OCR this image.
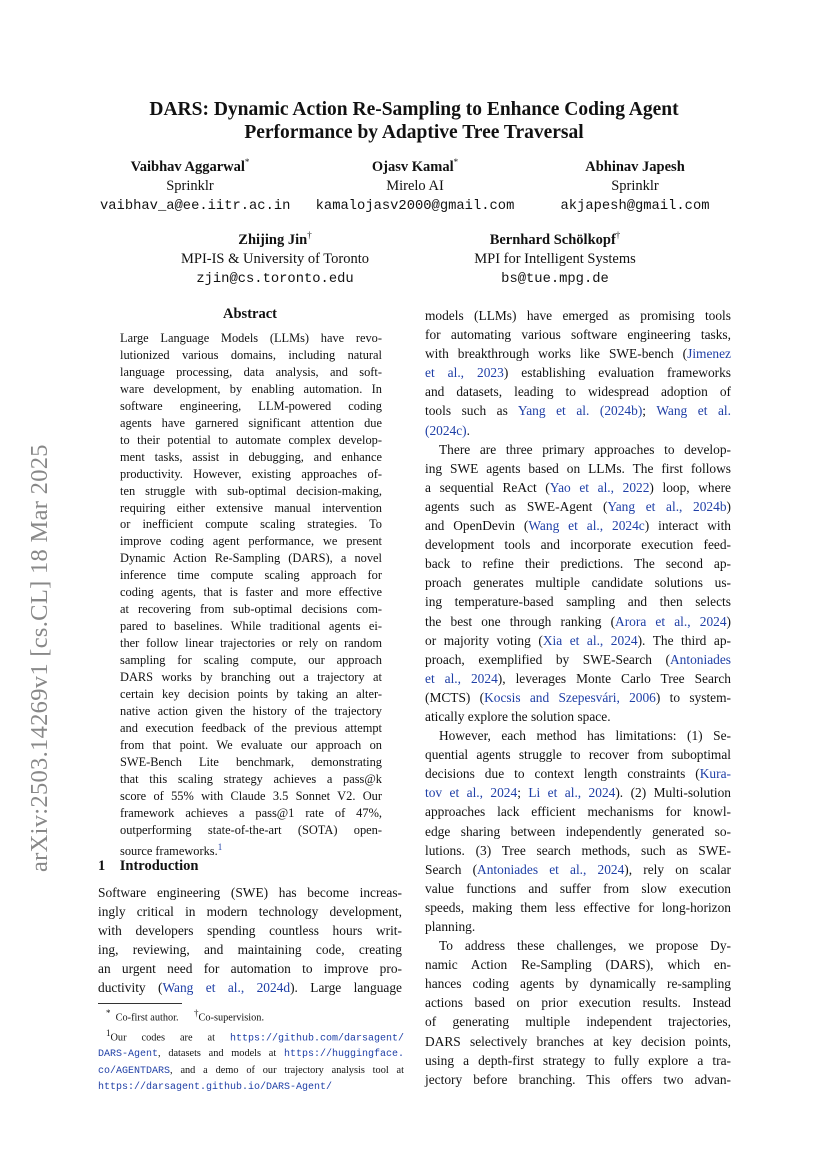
arXiv:2503.14269v1 [cs.CL] 18 Mar 2025
DARS: Dynamic Action Re-Sampling to Enhance Coding Agent
Performance by Adaptive Tree Traversal
Vaibhav Aggarwal*
Sprinklr
vaibhav_a@ee.iitr.ac.in
Ojasv Kamal*
Mirelo AI
kamalojasv2000@gmail.com
Abhinav Japesh
Sprinklr
akjapesh@gmail.com
Zhijing Jin†
MPI-IS & University of Toronto
zjin@cs.toronto.edu
Bernhard Schölkopf†
MPI for Intelligent Systems
bs@tue.mpg.de
Abstract
Large Language Models (LLMs) have revo-
lutionized various domains, including natural
language processing, data analysis, and soft-
ware development, by enabling automation. In
software engineering, LLM-powered coding
agents have garnered significant attention due
to their potential to automate complex develop-
ment tasks, assist in debugging, and enhance
productivity. However, existing approaches of-
ten struggle with sub-optimal decision-making,
requiring either extensive manual intervention
or inefficient compute scaling strategies. To
improve coding agent performance, we present
Dynamic Action Re-Sampling (DARS), a novel
inference time compute scaling approach for
coding agents, that is faster and more effective
at recovering from sub-optimal decisions com-
pared to baselines. While traditional agents ei-
ther follow linear trajectories or rely on random
sampling for scaling compute, our approach
DARS works by branching out a trajectory at
certain key decision points by taking an alter-
native action given the history of the trajectory
and execution feedback of the previous attempt
from that point. We evaluate our approach on
SWE-Bench Lite benchmark, demonstrating
that this scaling strategy achieves a pass@k
score of 55% with Claude 3.5 Sonnet V2. Our
framework achieves a pass@1 rate of 47%,
outperforming state-of-the-art (SOTA) open-
source frameworks.$^1$
1 Introduction
Software engineering (SWE) has become increas-
ingly critical in modern technology development,
with developers spending countless hours writ-
ing, reviewing, and maintaining code, creating
an urgent need for automation to improve pro-
ductivity (Wang et al., 2024d). Large language
* Co-first author. †Co-supervision.
$^1$Our codes are at https://github.com/darsagent/
DARS-Agent, datasets and models at https://huggingface.
co/AGENTDARS, and a demo of our trajectory analysis tool at
https://darsagent.github.io/DARS-Agent/
models (LLMs) have emerged as promising tools
for automating various software engineering tasks,
with breakthrough works like SWE-bench (Jimenez
et al., 2023) establishing evaluation frameworks
and datasets, leading to widespread adoption of
tools such as Yang et al. (2024b); Wang et al.
(2024c).
There are three primary approaches to develop-
ing SWE agents based on LLMs. The first follows
a sequential ReAct (Yao et al., 2022) loop, where
agents such as SWE-Agent (Yang et al., 2024b)
and OpenDevin (Wang et al., 2024c) interact with
development tools and incorporate execution feed-
back to refine their predictions. The second ap-
proach generates multiple candidate solutions us-
ing temperature-based sampling and then selects
the best one through ranking (Arora et al., 2024)
or majority voting (Xia et al., 2024). The third ap-
proach, exemplified by SWE-Search (Antoniades
et al., 2024), leverages Monte Carlo Tree Search
(MCTS) (Kocsis and Szepesvári, 2006) to system-
atically explore the solution space.
However, each method has limitations: (1) Se-
quential agents struggle to recover from suboptimal
decisions due to context length constraints (Kura-
tov et al., 2024; Li et al., 2024). (2) Multi-solution
approaches lack efficient mechanisms for knowl-
edge sharing between independently generated so-
lutions. (3) Tree search methods, such as SWE-
Search (Antoniades et al., 2024), rely on scalar
value functions and suffer from slow execution
speeds, making them less effective for long-horizon
planning.
To address these challenges, we propose Dy-
namic Action Re-Sampling (DARS), which en-
hances coding agents by dynamically re-sampling
actions based on prior execution results. Instead
of generating multiple independent trajectories,
DARS selectively branches at key decision points,
using a depth-first strategy to fully explore a tra-
jectory before branching. This offers two advan-
